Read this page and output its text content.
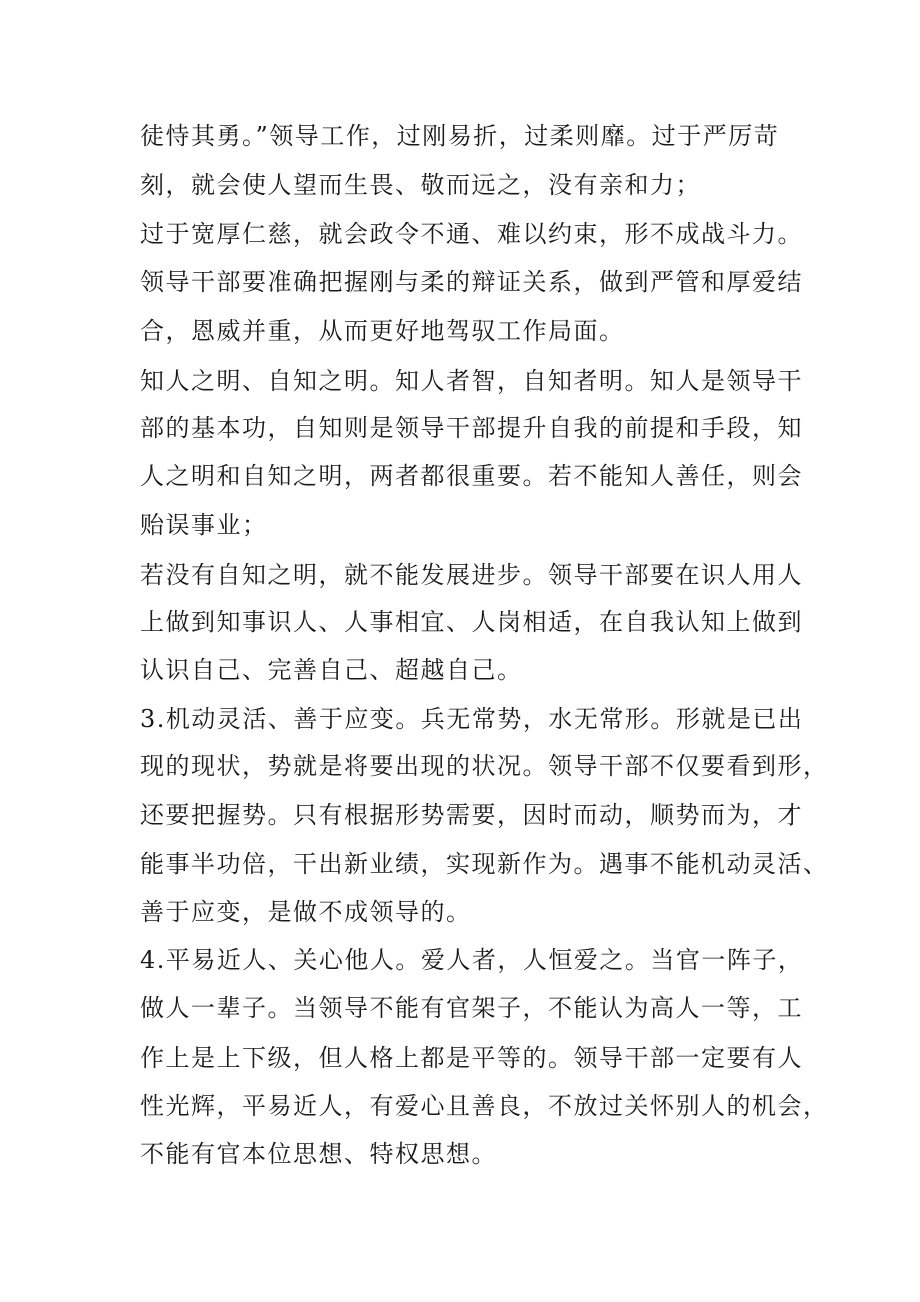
徒恃其勇。”领导工作，过刚易折，过柔则靡。过于严厉苛
刻，就会使人望而生畏、敬而远之，没有亲和力；
过于宽厚仁慈，就会政令不通、难以约束，形不成战斗力。
领导干部要准确把握刚与柔的辩证关系，做到严管和厚爱结
合，恩威并重，从而更好地驾驭工作局面。
知人之明、自知之明。知人者智，自知者明。知人是领导干
部的基本功，自知则是领导干部提升自我的前提和手段，知
人之明和自知之明，两者都很重要。若不能知人善任，则会
贻误事业；
若没有自知之明，就不能发展进步。领导干部要在识人用人
上做到知事识人、人事相宜、人岗相适，在自我认知上做到
认识自己、完善自己、超越自己。
3.机动灵活、善于应变。兵无常势，水无常形。形就是已出
现的现状，势就是将要出现的状况。领导干部不仅要看到形，
还要把握势。只有根据形势需要，因时而动，顺势而为，才
能事半功倍，干出新业绩，实现新作为。遇事不能机动灵活、
善于应变，是做不成领导的。
4.平易近人、关心他人。爱人者，人恒爱之。当官一阵子，
做人一辈子。当领导不能有官架子，不能认为高人一等，工
作上是上下级，但人格上都是平等的。领导干部一定要有人
性光辉，平易近人，有爱心且善良，不放过关怀别人的机会，
不能有官本位思想、特权思想。
